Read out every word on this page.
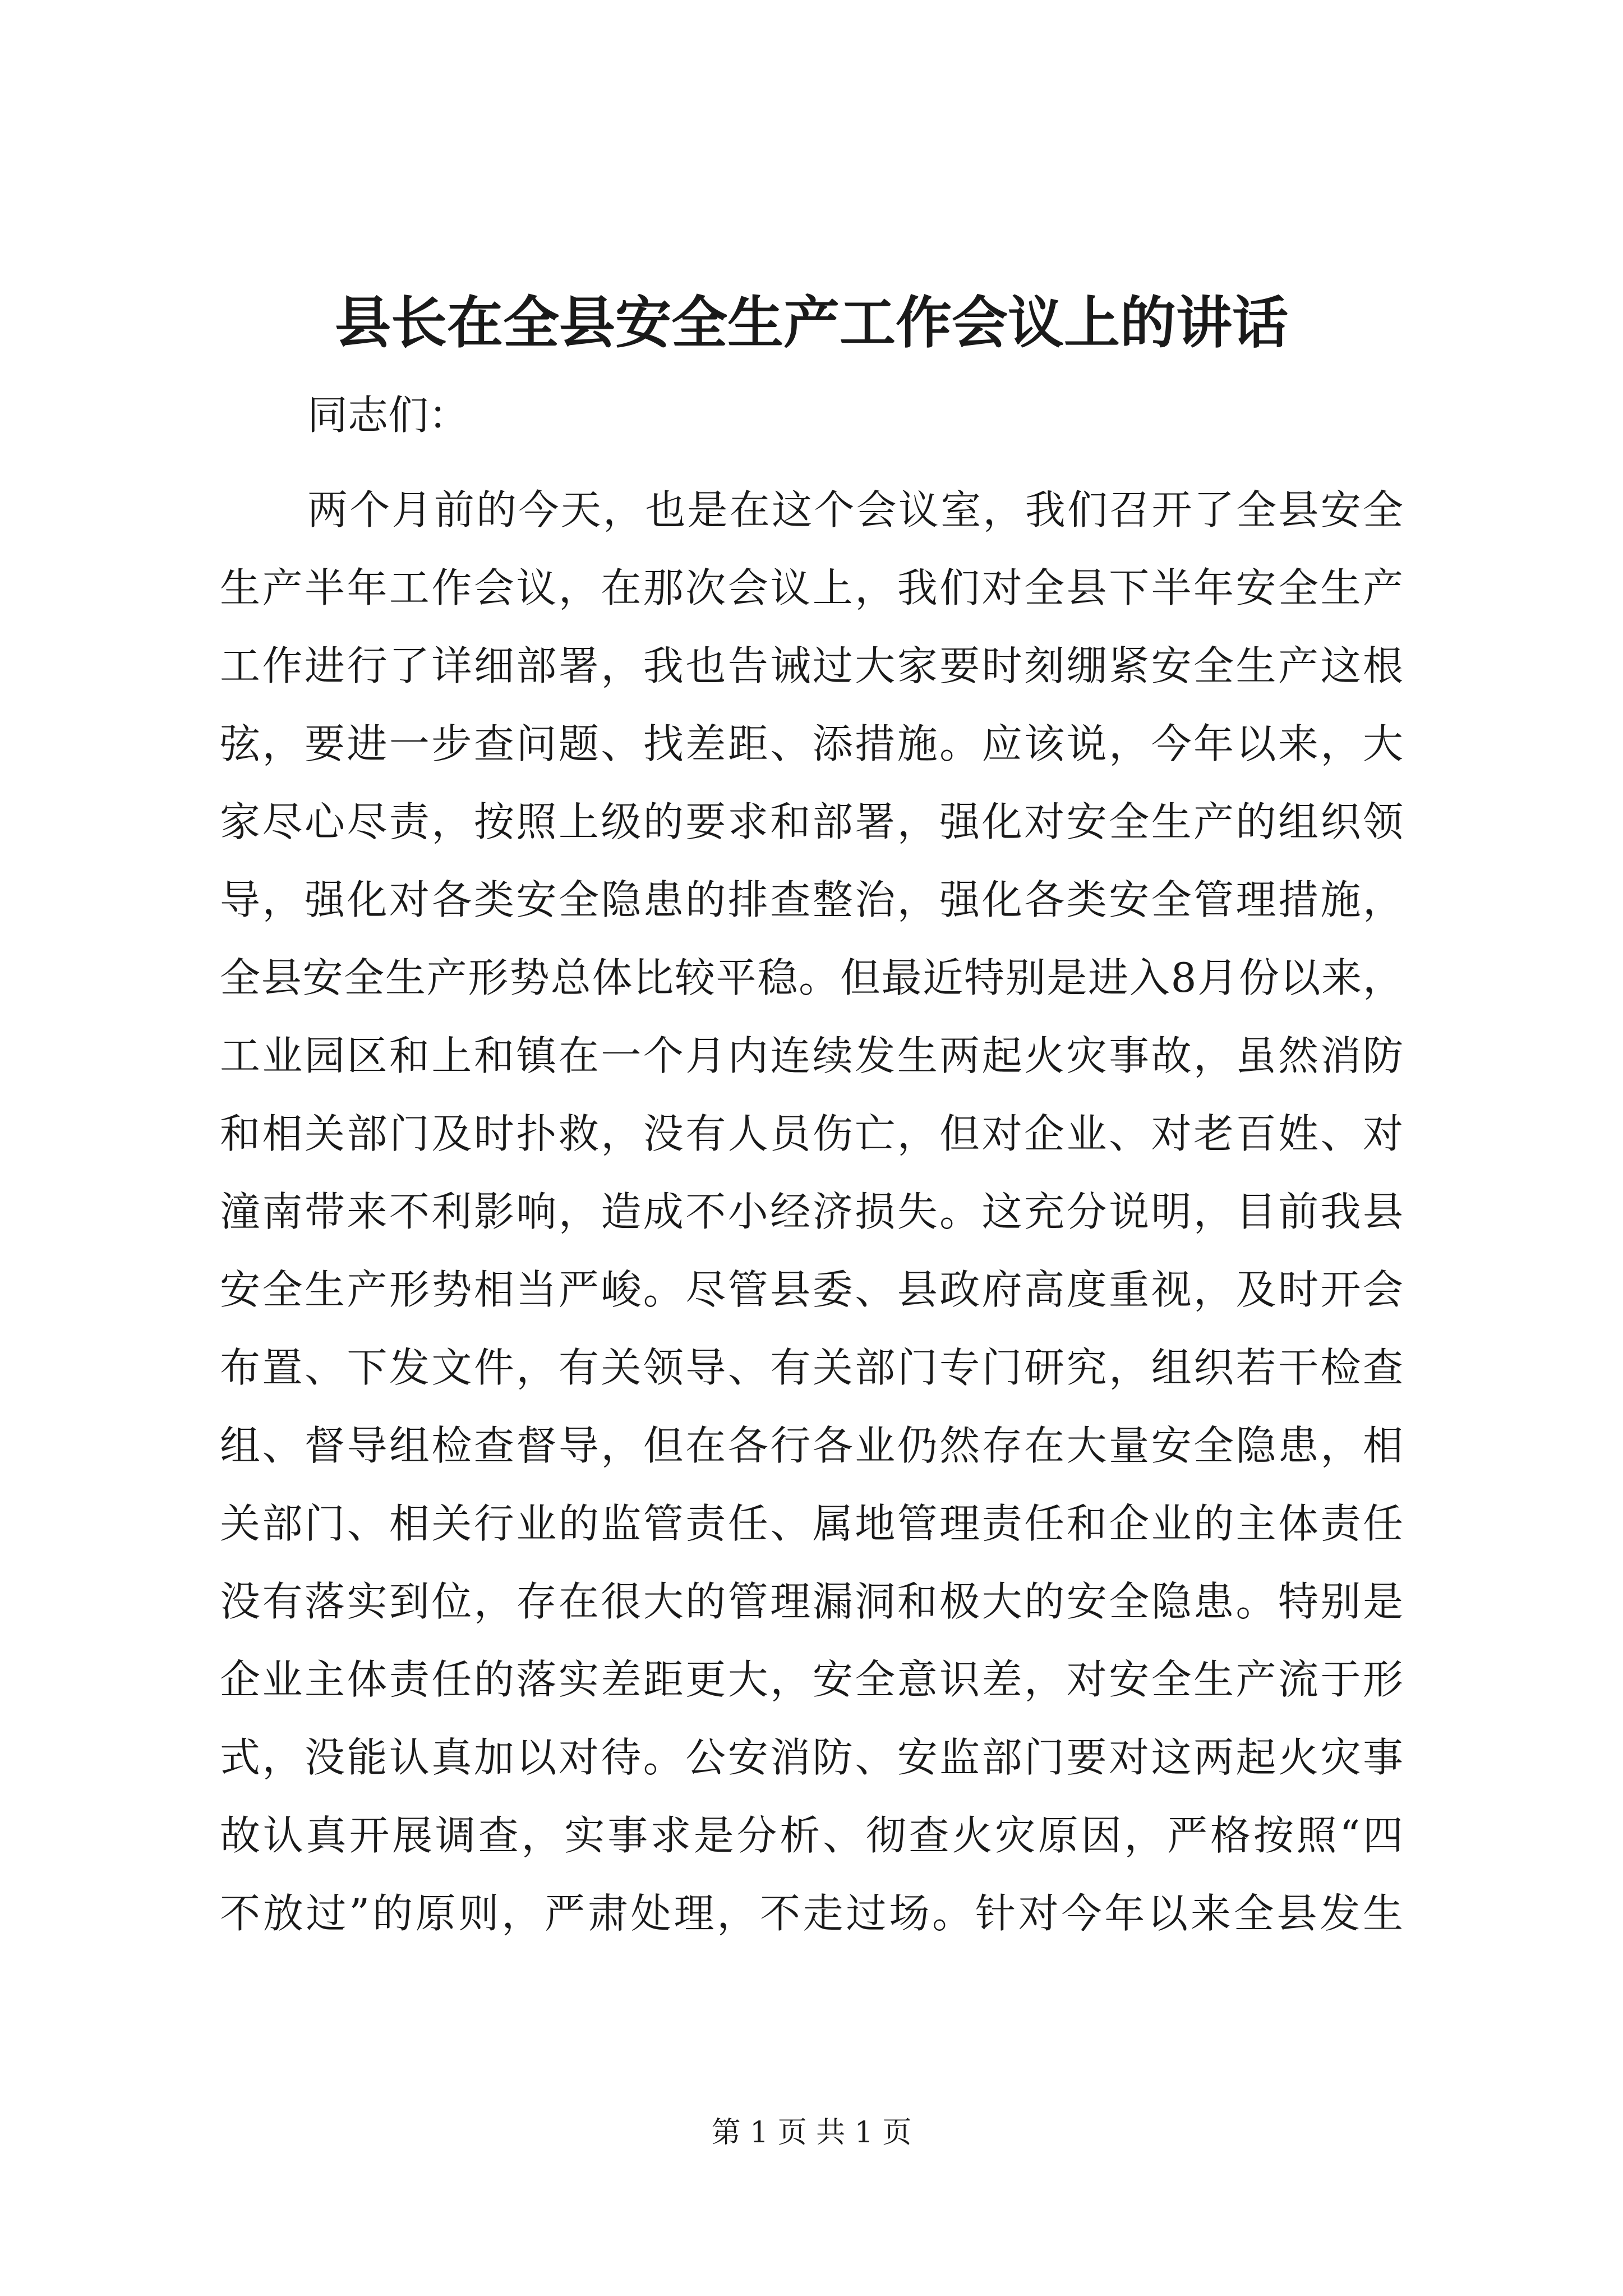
县长在全县安全生产工作会议上的讲话

同志们：

两个月前的今天，也是在这个会议室，我们召开了全县安全
生产半年工作会议，在那次会议上，我们对全县下半年安全生产
工作进行了详细部署，我也告诫过大家要时刻绷紧安全生产这根
弦，要进一步查问题、找差距、添措施。应该说，今年以来，大
家尽心尽责，按照上级的要求和部署，强化对安全生产的组织领
导，强化对各类安全隐患的排查整治，强化各类安全管理措施，
全县安全生产形势总体比较平稳。但最近特别是进入8月份以来，
工业园区和上和镇在一个月内连续发生两起火灾事故，虽然消防
和相关部门及时扑救，没有人员伤亡，但对企业、对老百姓、对
潼南带来不利影响，造成不小经济损失。这充分说明，目前我县
安全生产形势相当严峻。尽管县委、县政府高度重视，及时开会
布置、下发文件，有关领导、有关部门专门研究，组织若干检查
组、督导组检查督导，但在各行各业仍然存在大量安全隐患，相
关部门、相关行业的监管责任、属地管理责任和企业的主体责任
没有落实到位，存在很大的管理漏洞和极大的安全隐患。特别是
企业主体责任的落实差距更大，安全意识差，对安全生产流于形
式，没能认真加以对待。公安消防、安监部门要对这两起火灾事
故认真开展调查，实事求是分析、彻查火灾原因，严格按照“四
不放过”的原则，严肃处理，不走过场。针对今年以来全县发生

第 1 页 共 1 页
